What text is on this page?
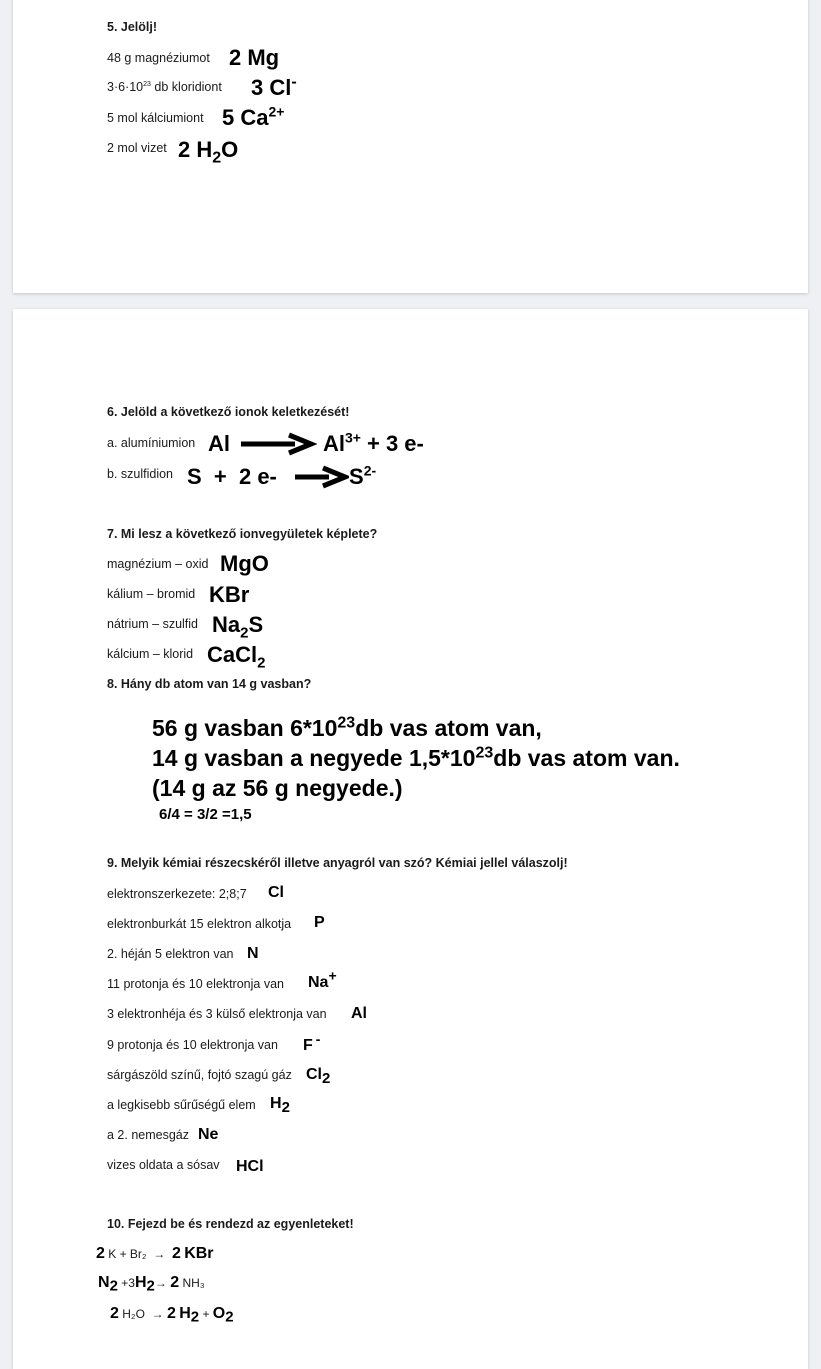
5. Jelölj!
48 g magnéziumot 2 Mg
$3\cdot 6\cdot 10^{23}$ db kloridiont 3 Cl-
5 mol kálciumiont 5 $Ca^{2+}$
2 mol vizet 2 $H_2O$
6. Jelöld a következő ionok keletkezését!
a. alumíniumion Al	$Al^{3+} + 3$ e-
b. szulfidion S  +  2 e-	$S^{2-}$
7. Mi lesz a következő ionvegyületek képlete?
magnézium – oxid MgO
kálium – bromid KBr
nátrium – szulfid $Na_2S$
kálcium – klorid CaCl$_2$
8. Hány db atom van 14 g vasban?
56 g vasban $6*10^{23}db$ vas atom van,
14 g vasban a negyede $1,5*10^{23}db$ vas atom van.
(14 g az 56 g negyede.)
6/4 = 3/2 =1,5
9. Melyik kémiai részecskéről illetve anyagról van szó? Kémiai jellel válaszolj!
elektronszerkezete: 2;8;7 Cl
elektronburkát 15 elektron alkotja P
2. héján 5 elektron van N
11 protonja és 10 elektronja van Na+
3 elektronhéja és 3 külső elektronja van Al
9 protonja és 10 elektronja van F -
sárgászöld színű, fojtó szagú gáz $Cl_2$
a legkisebb sűrűségű elem $H_2$
a 2. nemesgáz Ne
vizes oldata a sósav HCl
10. Fejezd be és rendezd az egyenleteket!
2 K + Br₂ → 2 KBr
$N_2 +3H_2\to 2$ NH₃
2 H₂O → 2 $H_2 + O_2$
